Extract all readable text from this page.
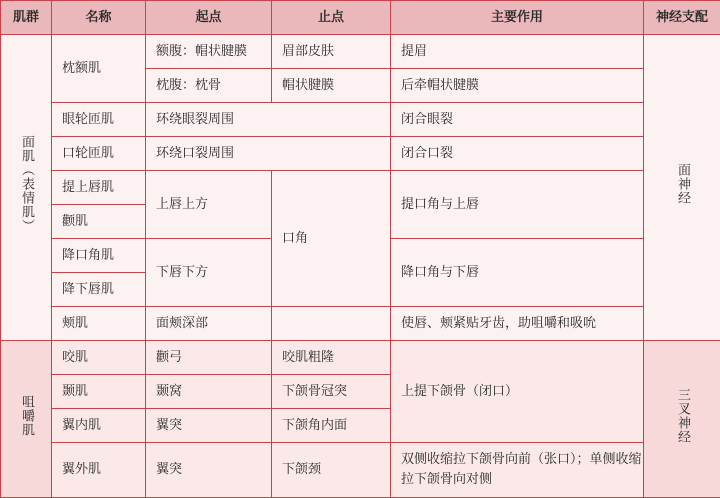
肌群	名称	起点	止点	主要作用	神经支配
面肌（表情肌）	枕额肌	额腹：帽状腱膜	眉部皮肤	提眉	面神经
		枕腹：枕骨	帽状腱膜	后牵帽状腱膜	
	眼轮匝肌	环绕眼裂周围		闭合眼裂	
	口轮匝肌	环绕口裂周围		闭合口裂	
	提上唇肌	上唇上方	口角	提口角与上唇	
	颧肌				
	降口角肌	下唇下方		降口角与下唇	
	降下唇肌				
	颊肌	面颊深部		使唇、颊紧贴牙齿，助咀嚼和吸吮	
咀嚼肌	咬肌	颧弓	咬肌粗隆	上提下颌骨（闭口）	三叉神经
	颞肌	颞窝	下颌骨冠突		
	翼内肌	翼突	下颌角内面		
	翼外肌	翼突	下颌颈	双侧收缩拉下颌骨向前（张口）；单侧收缩拉下颌骨向对侧	
